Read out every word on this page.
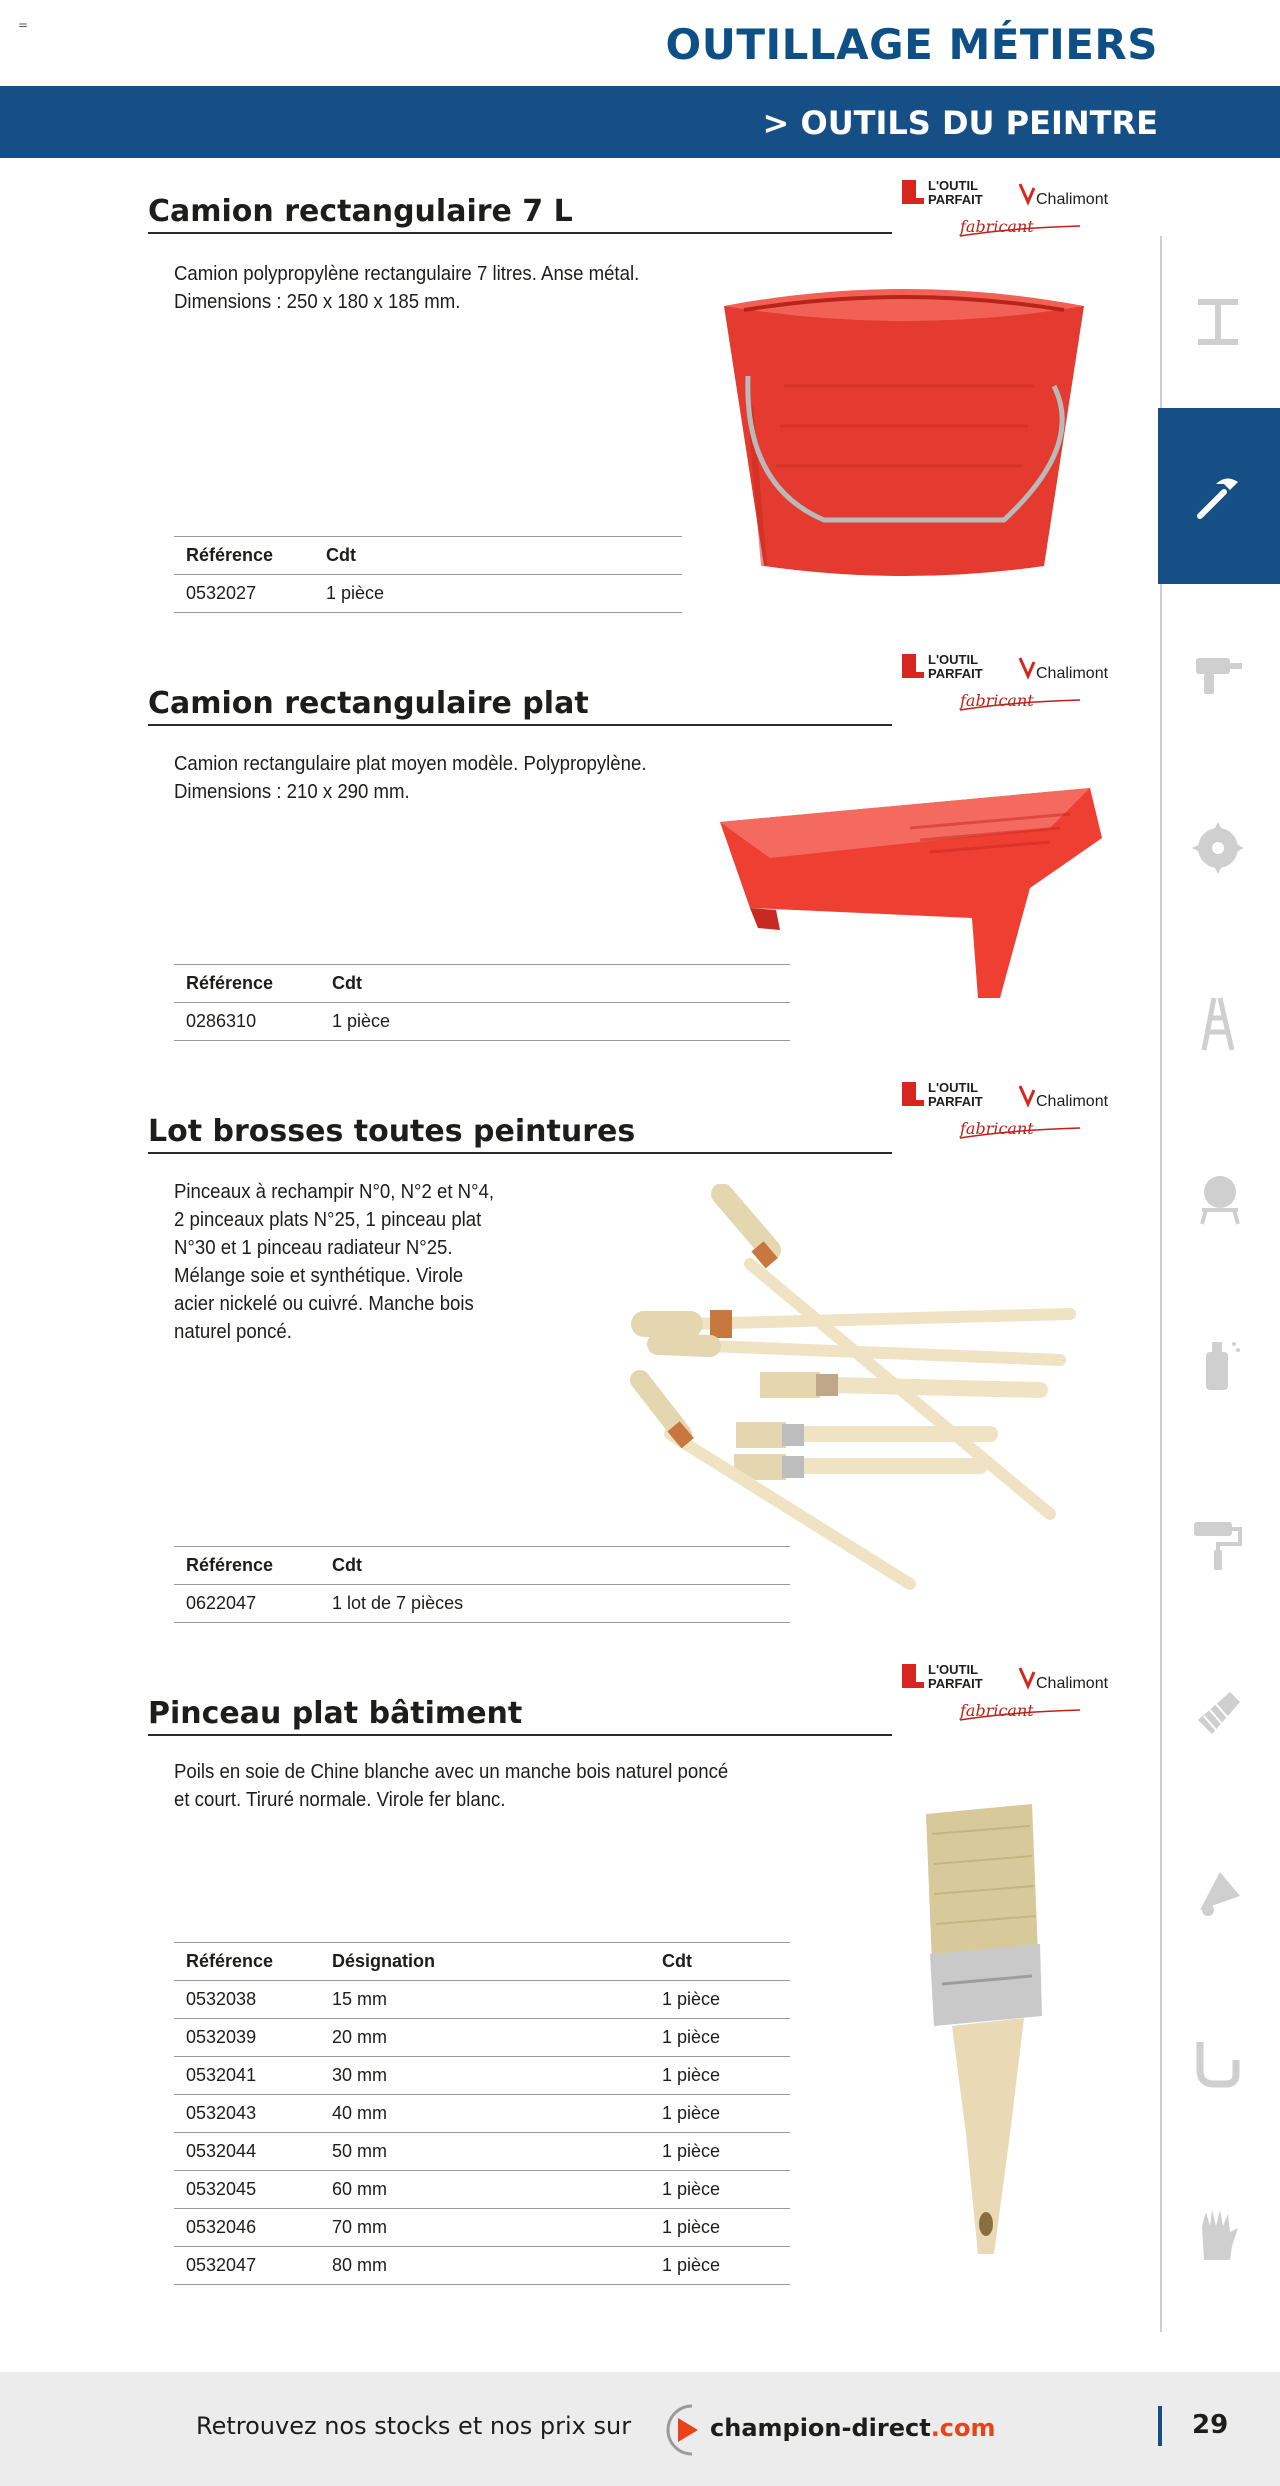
=	OUTILLAGE MÉTIERS
> OUTILS DU PEINTRE
Camion rectangulaire 7 L
Camion polypropylène rectangulaire 7 litres. Anse métal.
Dimensions : 250 x 180 x 185 mm.
L'OUTIL
PARFAIT	Chalimont
fabricant
Référence	Cdt
0532027	1 pièce
Camion rectangulaire plat
Camion rectangulaire plat moyen modèle. Polypropylène.
Dimensions : 210 x 290 mm.
L'OUTIL
PARFAIT	Chalimont
fabricant
Référence	Cdt
0286310	1 pièce
Lot brosses toutes peintures
Pinceaux à rechampir N°0, N°2 et N°4,
2 pinceaux plats N°25, 1 pinceau plat
N°30 et 1 pinceau radiateur N°25.
Mélange soie et synthétique. Virole
acier nickelé ou cuivré. Manche bois
naturel poncé.
L'OUTIL
PARFAIT	Chalimont
fabricant
Référence	Cdt
0622047	1 lot de 7 pièces
Pinceau plat bâtiment
Poils en soie de Chine blanche avec un manche bois naturel poncé
et court. Tiruré normale. Virole fer blanc.
L'OUTIL
PARFAIT	Chalimont
fabricant
Référence	Désignation	Cdt
0532038	15 mm	1 pièce
0532039	20 mm	1 pièce
0532041	30 mm	1 pièce
0532043	40 mm	1 pièce
0532044	50 mm	1 pièce
0532045	60 mm	1 pièce
0532046	70 mm	1 pièce
0532047	80 mm	1 pièce
Retrouvez nos stocks et nos prix sur	champion-direct.com	29
